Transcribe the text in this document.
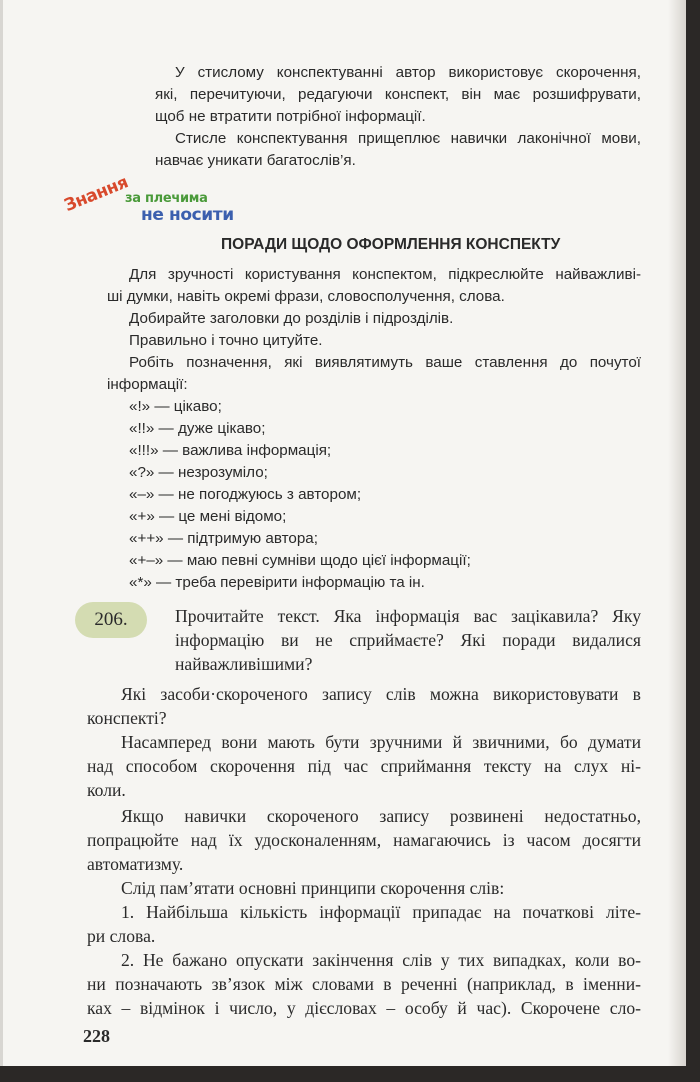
У стислому конспектуванні автор використовує скорочення,
які, перечитуючи, редагуючи конспект, він має розшифрувати,
щоб не втратити потрібної інформації.
Стисле конспектування прищеплює навички лаконічної мови,
навчає уникати багатослів’я.
Знання
за плечима
не носити
ПОРАДИ ЩОДО ОФОРМЛЕННЯ КОНСПЕКТУ
Для зручності користування конспектом, підкреслюйте найважливі-
ші думки, навіть окремі фрази, словосполучення, слова.
Добирайте заголовки до розділів і підрозділів.
Правильно і точно цитуйте.
Робіть позначення, які виявлятимуть ваше ставлення до почутої
інформації:
«!» — цікаво;
«!!» — дуже цікаво;
«!!!» — важлива інформація;
«?» — незрозуміло;
«–» — не погоджуюсь з автором;
«+» — це мені відомо;
«++» — підтримую автора;
«+–» — маю певні сумніви щодо цієї інформації;
«*» — треба перевірити інформацію та ін.
206.	Прочитайте текст. Яка інформація вас зацікавила? Яку
інформацію ви не сприймаєте? Які поради видалися
найважливішими?
Які засоби·скороченого запису слів можна використовувати в
конспекті?
Насамперед вони мають бути зручними й звичними, бо думати
над способом скорочення під час сприймання тексту на слух ні-
коли.
Якщо навички скороченого запису розвинені недостатньо,
попрацюйте над їх удосконаленням, намагаючись із часом досягти
автоматизму.
Слід пам’ятати основні принципи скорочення слів:
1. Найбільша кількість інформації припадає на початкові літе-
ри слова.
2. Не бажано опускати закінчення слів у тих випадках, коли во-
ни позначають зв’язок між словами в реченні (наприклад, в іменни-
ках – відмінок і число, у дієсловах – особу й час). Скорочене сло-
228
